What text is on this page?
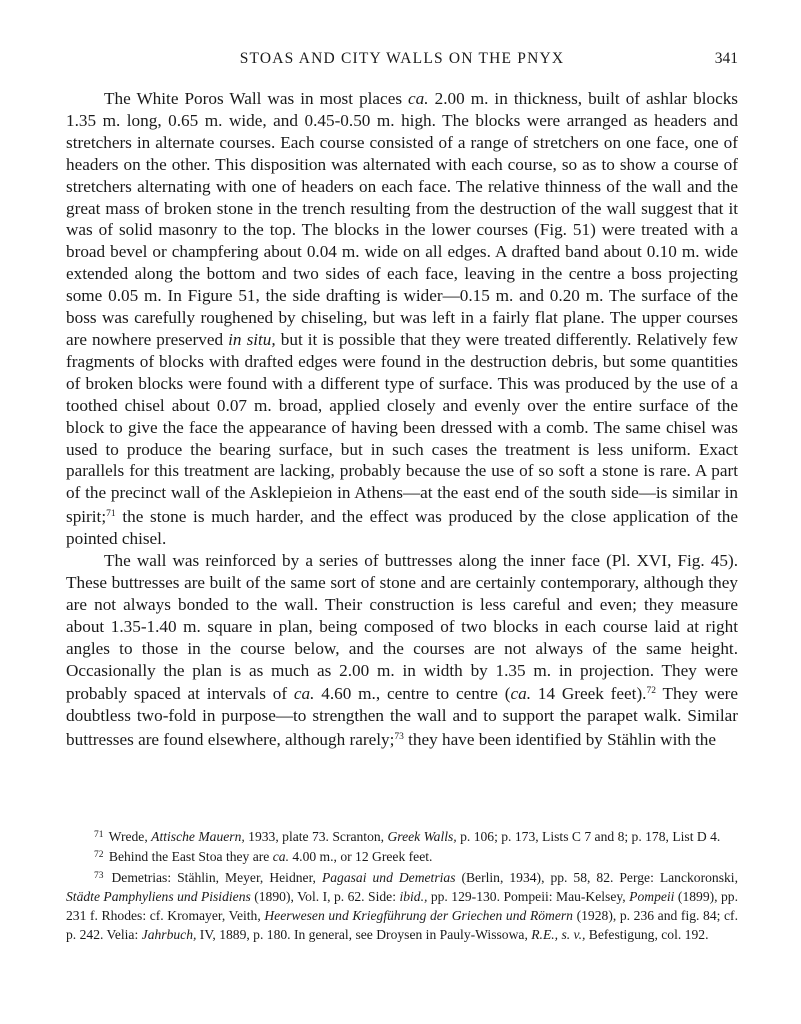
STOAS AND CITY WALLS ON THE PNYX	341

The White Poros Wall was in most places ca. 2.00 m. in thickness, built of ashlar blocks 1.35 m. long, 0.65 m. wide, and 0.45-0.50 m. high. The blocks were arranged as headers and stretchers in alternate courses. Each course consisted of a range of stretchers on one face, one of headers on the other. This disposition was alternated with each course, so as to show a course of stretchers alternating with one of headers on each face. The relative thinness of the wall and the great mass of broken stone in the trench resulting from the destruction of the wall suggest that it was of solid masonry to the top. The blocks in the lower courses (Fig. 51) were treated with a broad bevel or champfering about 0.04 m. wide on all edges. A drafted band about 0.10 m. wide extended along the bottom and two sides of each face, leaving in the centre a boss projecting some 0.05 m. In Figure 51, the side drafting is wider—0.15 m. and 0.20 m. The surface of the boss was carefully roughened by chiseling, but was left in a fairly flat plane. The upper courses are nowhere preserved in situ, but it is possible that they were treated differently. Relatively few fragments of blocks with drafted edges were found in the destruction debris, but some quantities of broken blocks were found with a different type of surface. This was produced by the use of a toothed chisel about 0.07 m. broad, applied closely and evenly over the entire surface of the block to give the face the appearance of having been dressed with a comb. The same chisel was used to produce the bearing surface, but in such cases the treatment is less uniform. Exact parallels for this treatment are lacking, probably because the use of so soft a stone is rare. A part of the precinct wall of the Asklepieion in Athens—at the east end of the south side—is similar in spirit;$^{71}$ the stone is much harder, and the effect was produced by the close application of the pointed chisel.

The wall was reinforced by a series of buttresses along the inner face (Pl. XVI, Fig. 45). These buttresses are built of the same sort of stone and are certainly contemporary, although they are not always bonded to the wall. Their construction is less careful and even; they measure about 1.35-1.40 m. square in plan, being composed of two blocks in each course laid at right angles to those in the course below, and the courses are not always of the same height. Occasionally the plan is as much as 2.00 m. in width by 1.35 m. in projection. They were probably spaced at intervals of ca. 4.60 m., centre to centre (ca. 14 Greek feet).$^{72}$ They were doubtless two-fold in purpose—to strengthen the wall and to support the parapet walk. Similar buttresses are found elsewhere, although rarely;$^{73}$ they have been identified by Stählin with the

$^{71}$ Wrede, Attische Mauern, 1933, plate 73. Scranton, Greek Walls, p. 106; p. 173, Lists C 7 and 8; p. 178, List D 4.

$^{72}$ Behind the East Stoa they are ca. 4.00 m., or 12 Greek feet.

$^{73}$ Demetrias: Stählin, Meyer, Heidner, Pagasai und Demetrias (Berlin, 1934), pp. 58, 82. Perge: Lanckoronski, Städte Pamphyliens und Pisidiens (1890), Vol. I, p. 62. Side: ibid., pp. 129-130. Pompeii: Mau-Kelsey, Pompeii (1899), pp. 231 f. Rhodes: cf. Kromayer, Veith, Heerwesen und Kriegführung der Griechen und Römern (1928), p. 236 and fig. 84; cf. p. 242. Velia: Jahrbuch, IV, 1889, p. 180. In general, see Droysen in Pauly-Wissowa, R.E., s. v., Befestigung, col. 192.
